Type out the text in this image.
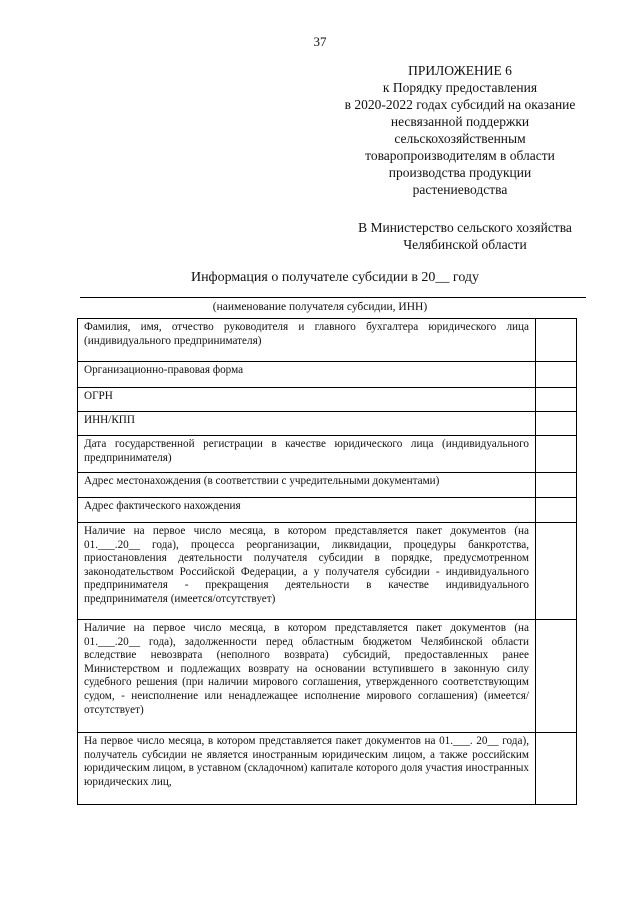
37
ПРИЛОЖЕНИЕ 6
к Порядку предоставления
в 2020-2022 годах субсидий на оказание
несвязанной поддержки
сельскохозяйственным
товаропроизводителям в области
производства продукции
растениеводства
В Министерство сельского хозяйства
Челябинской области
Информация о получателе субсидии в 20__ году
(наименование получателя субсидии, ИНН)
Фамилия, имя, отчество руководителя и главного бухгалтера юридического лица (индивидуального предпринимателя)	
Организационно-правовая форма	
ОГРН	
ИНН/КПП	
Дата государственной регистрации в качестве юридического лица (индивидуального предпринимателя)	
Адрес местонахождения (в соответствии с учредительными документами)	
Адрес фактического нахождения	
Наличие на первое число месяца, в котором представляется пакет документов (на 01.___.20__ года), процесса реорганизации, ликвидации, процедуры банкротства, приостановления деятельности получателя субсидии в порядке, предусмотренном законодательством Российской Федерации, а у получателя субсидии - индивидуального предпринимателя - прекращения деятельности в качестве индивидуального предпринимателя (имеется/отсутствует)	
Наличие на первое число месяца, в котором представляется пакет документов (на 01.___.20__ года), задолженности перед областным бюджетом Челябинской области вследствие невозврата (неполного возврата) субсидий, предоставленных ранее Министерством и подлежащих возврату на основании вступившего в законную силу судебного решения (при наличии мирового соглашения, утвержденного соответствующим судом, - неисполнение или ненадлежащее исполнение мирового соглашения) (имеется/отсутствует)	
На первое число месяца, в котором представляется пакет документов на 01.___. 20__ года), получатель субсидии не является иностранным юридическим лицом, а также российским юридическим лицом, в уставном (складочном) капитале которого доля участия иностранных юридических лиц,	
